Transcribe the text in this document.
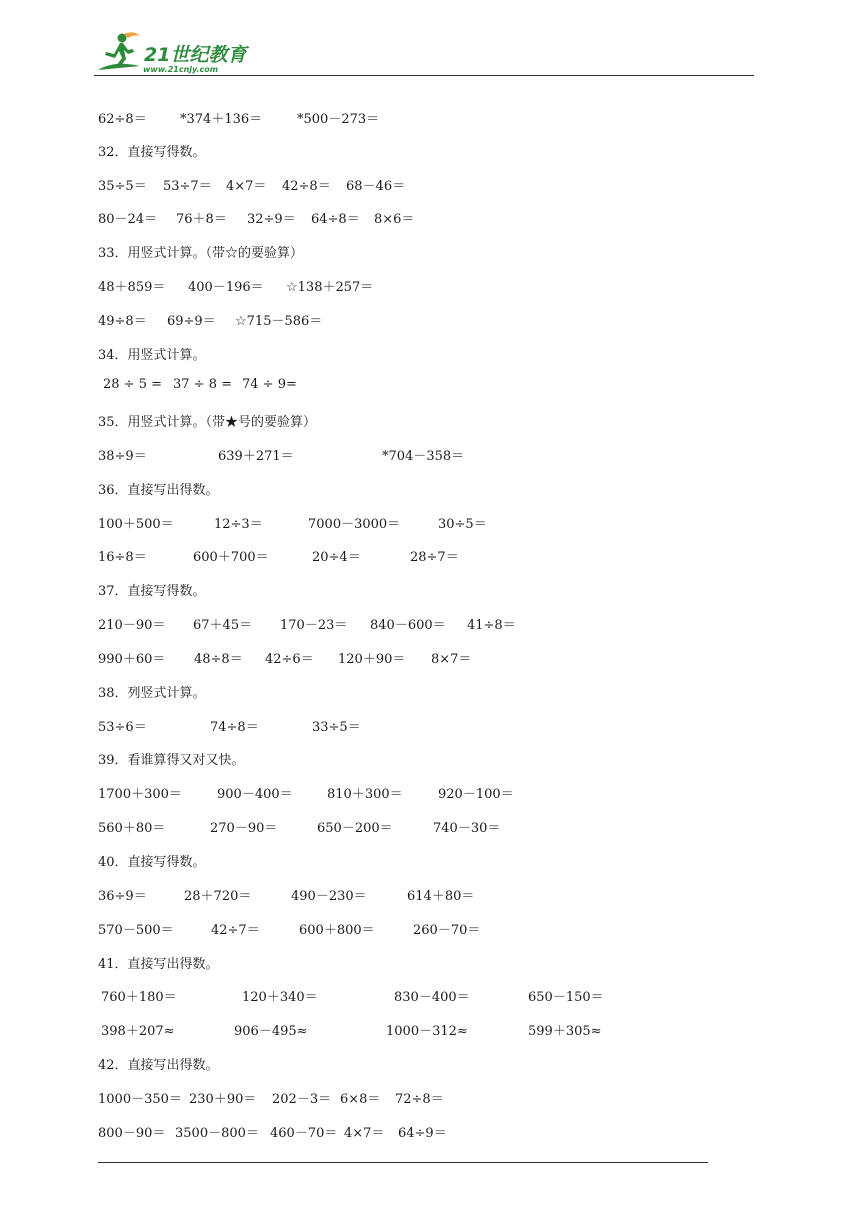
21世纪教育
www.21cnjy.com
62÷8＝	*374＋136＝	*500－273＝
32．直接写得数。
35÷5＝ 53÷7＝ 4×7＝ 42÷8＝ 68－46＝
80－24＝ 76＋8＝ 32÷9＝ 64÷8＝ 8×6＝
33．用竖式计算。（带☆的要验算）
48＋859＝ 400－196＝ ☆138＋257＝
49÷8＝ 69÷9＝ ☆715－586＝
34．用竖式计算。
28 ÷ 5 = 37 ÷ 8 = 74 ÷ 9=
35．用竖式计算。（带★号的要验算）
38÷9＝	639＋271＝	*704－358＝
36．直接写出得数。
100＋500＝	12÷3＝	7000－3000＝	30÷5＝
16÷8＝	600＋700＝	20÷4＝	28÷7＝
37．直接写得数。
210－90＝ 67＋45＝ 170－23＝ 840－600＝ 41÷8＝
990＋60＝ 48÷8＝ 42÷6＝ 120＋90＝ 8×7＝
38．列竖式计算。
53÷6＝	74÷8＝	33÷5＝
39．看谁算得又对又快。
1700＋300＝	900－400＝	810＋300＝	920－100＝
560＋80＝	270－90＝	650－200＝	740－30＝
40．直接写得数。
36÷9＝	28＋720＝	490－230＝	614＋80＝
570－500＝	42÷7＝	600＋800＝	260－70＝
41．直接写出得数。
760＋180＝	120＋340＝	830－400＝	650－150＝
398＋207≈	906－495≈	1000－312≈	599＋305≈
42．直接写出得数。
1000－350＝ 230＋90＝ 202－3＝ 6×8＝ 72÷8＝
800－90＝ 3500－800＝ 460－70＝ 4×7＝ 64÷9＝
